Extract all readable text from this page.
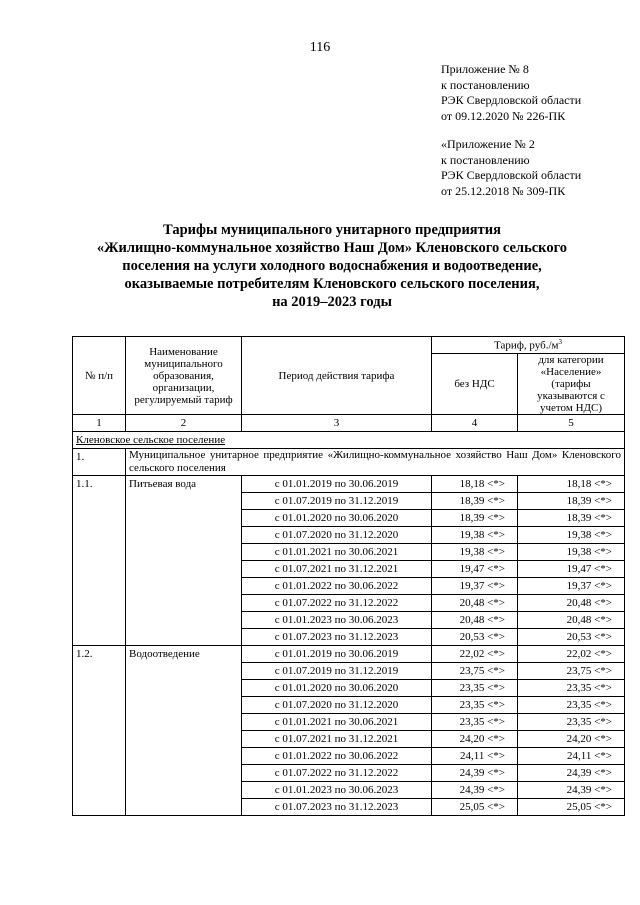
116
Приложение № 8
к постановлению
РЭК Свердловской области
от 09.12.2020 № 226-ПК
«Приложение № 2
к постановлению
РЭК Свердловской области
от 25.12.2018 № 309-ПК
Тарифы муниципального унитарного предприятия
«Жилищно-коммунальное хозяйство Наш Дом» Кленовского сельского
поселения на услуги холодного водоснабжения и водоотведение,
оказываемые потребителям Кленовского сельского поселения,
на 2019–2023 годы
№ п/п	Наименование муниципального образования, организации, регулируемый тариф	Период действия тарифа	Тариф, $руб./м^3$
			без НДС	для категории «Население» (тарифы указываются с учетом НДС)
1	2	3	4	5
Кленовское сельское поселение				
1.	Муниципальное унитарное предприятие «Жилищно-коммунальное хозяйство Наш Дом» Кленовского сельского поселения			
1.1.	Питьевая вода	с 01.01.2019 по 30.06.2019	18,18 <*>	18,18 <*>
		с 01.07.2019 по 31.12.2019	18,39 <*>	18,39 <*>
		с 01.01.2020 по 30.06.2020	18,39 <*>	18,39 <*>
		с 01.07.2020 по 31.12.2020	19,38 <*>	19,38 <*>
		с 01.01.2021 по 30.06.2021	19,38 <*>	19,38 <*>
		с 01.07.2021 по 31.12.2021	19,47 <*>	19,47 <*>
		с 01.01.2022 по 30.06.2022	19,37 <*>	19,37 <*>
		с 01.07.2022 по 31.12.2022	20,48 <*>	20,48 <*>
		с 01.01.2023 по 30.06.2023	20,48 <*>	20,48 <*>
		с 01.07.2023 по 31.12.2023	20,53 <*>	20,53 <*>
1.2.	Водоотведение	с 01.01.2019 по 30.06.2019	22,02 <*>	22,02 <*>
		с 01.07.2019 по 31.12.2019	23,75 <*>	23,75 <*>
		с 01.01.2020 по 30.06.2020	23,35 <*>	23,35 <*>
		с 01.07.2020 по 31.12.2020	23,35 <*>	23,35 <*>
		с 01.01.2021 по 30.06.2021	23,35 <*>	23,35 <*>
		с 01.07.2021 по 31.12.2021	24,20 <*>	24,20 <*>
		с 01.01.2022 по 30.06.2022	24,11 <*>	24,11 <*>
		с 01.07.2022 по 31.12.2022	24,39 <*>	24,39 <*>
		с 01.01.2023 по 30.06.2023	24,39 <*>	24,39 <*>
		с 01.07.2023 по 31.12.2023	25,05 <*>	25,05 <*>
